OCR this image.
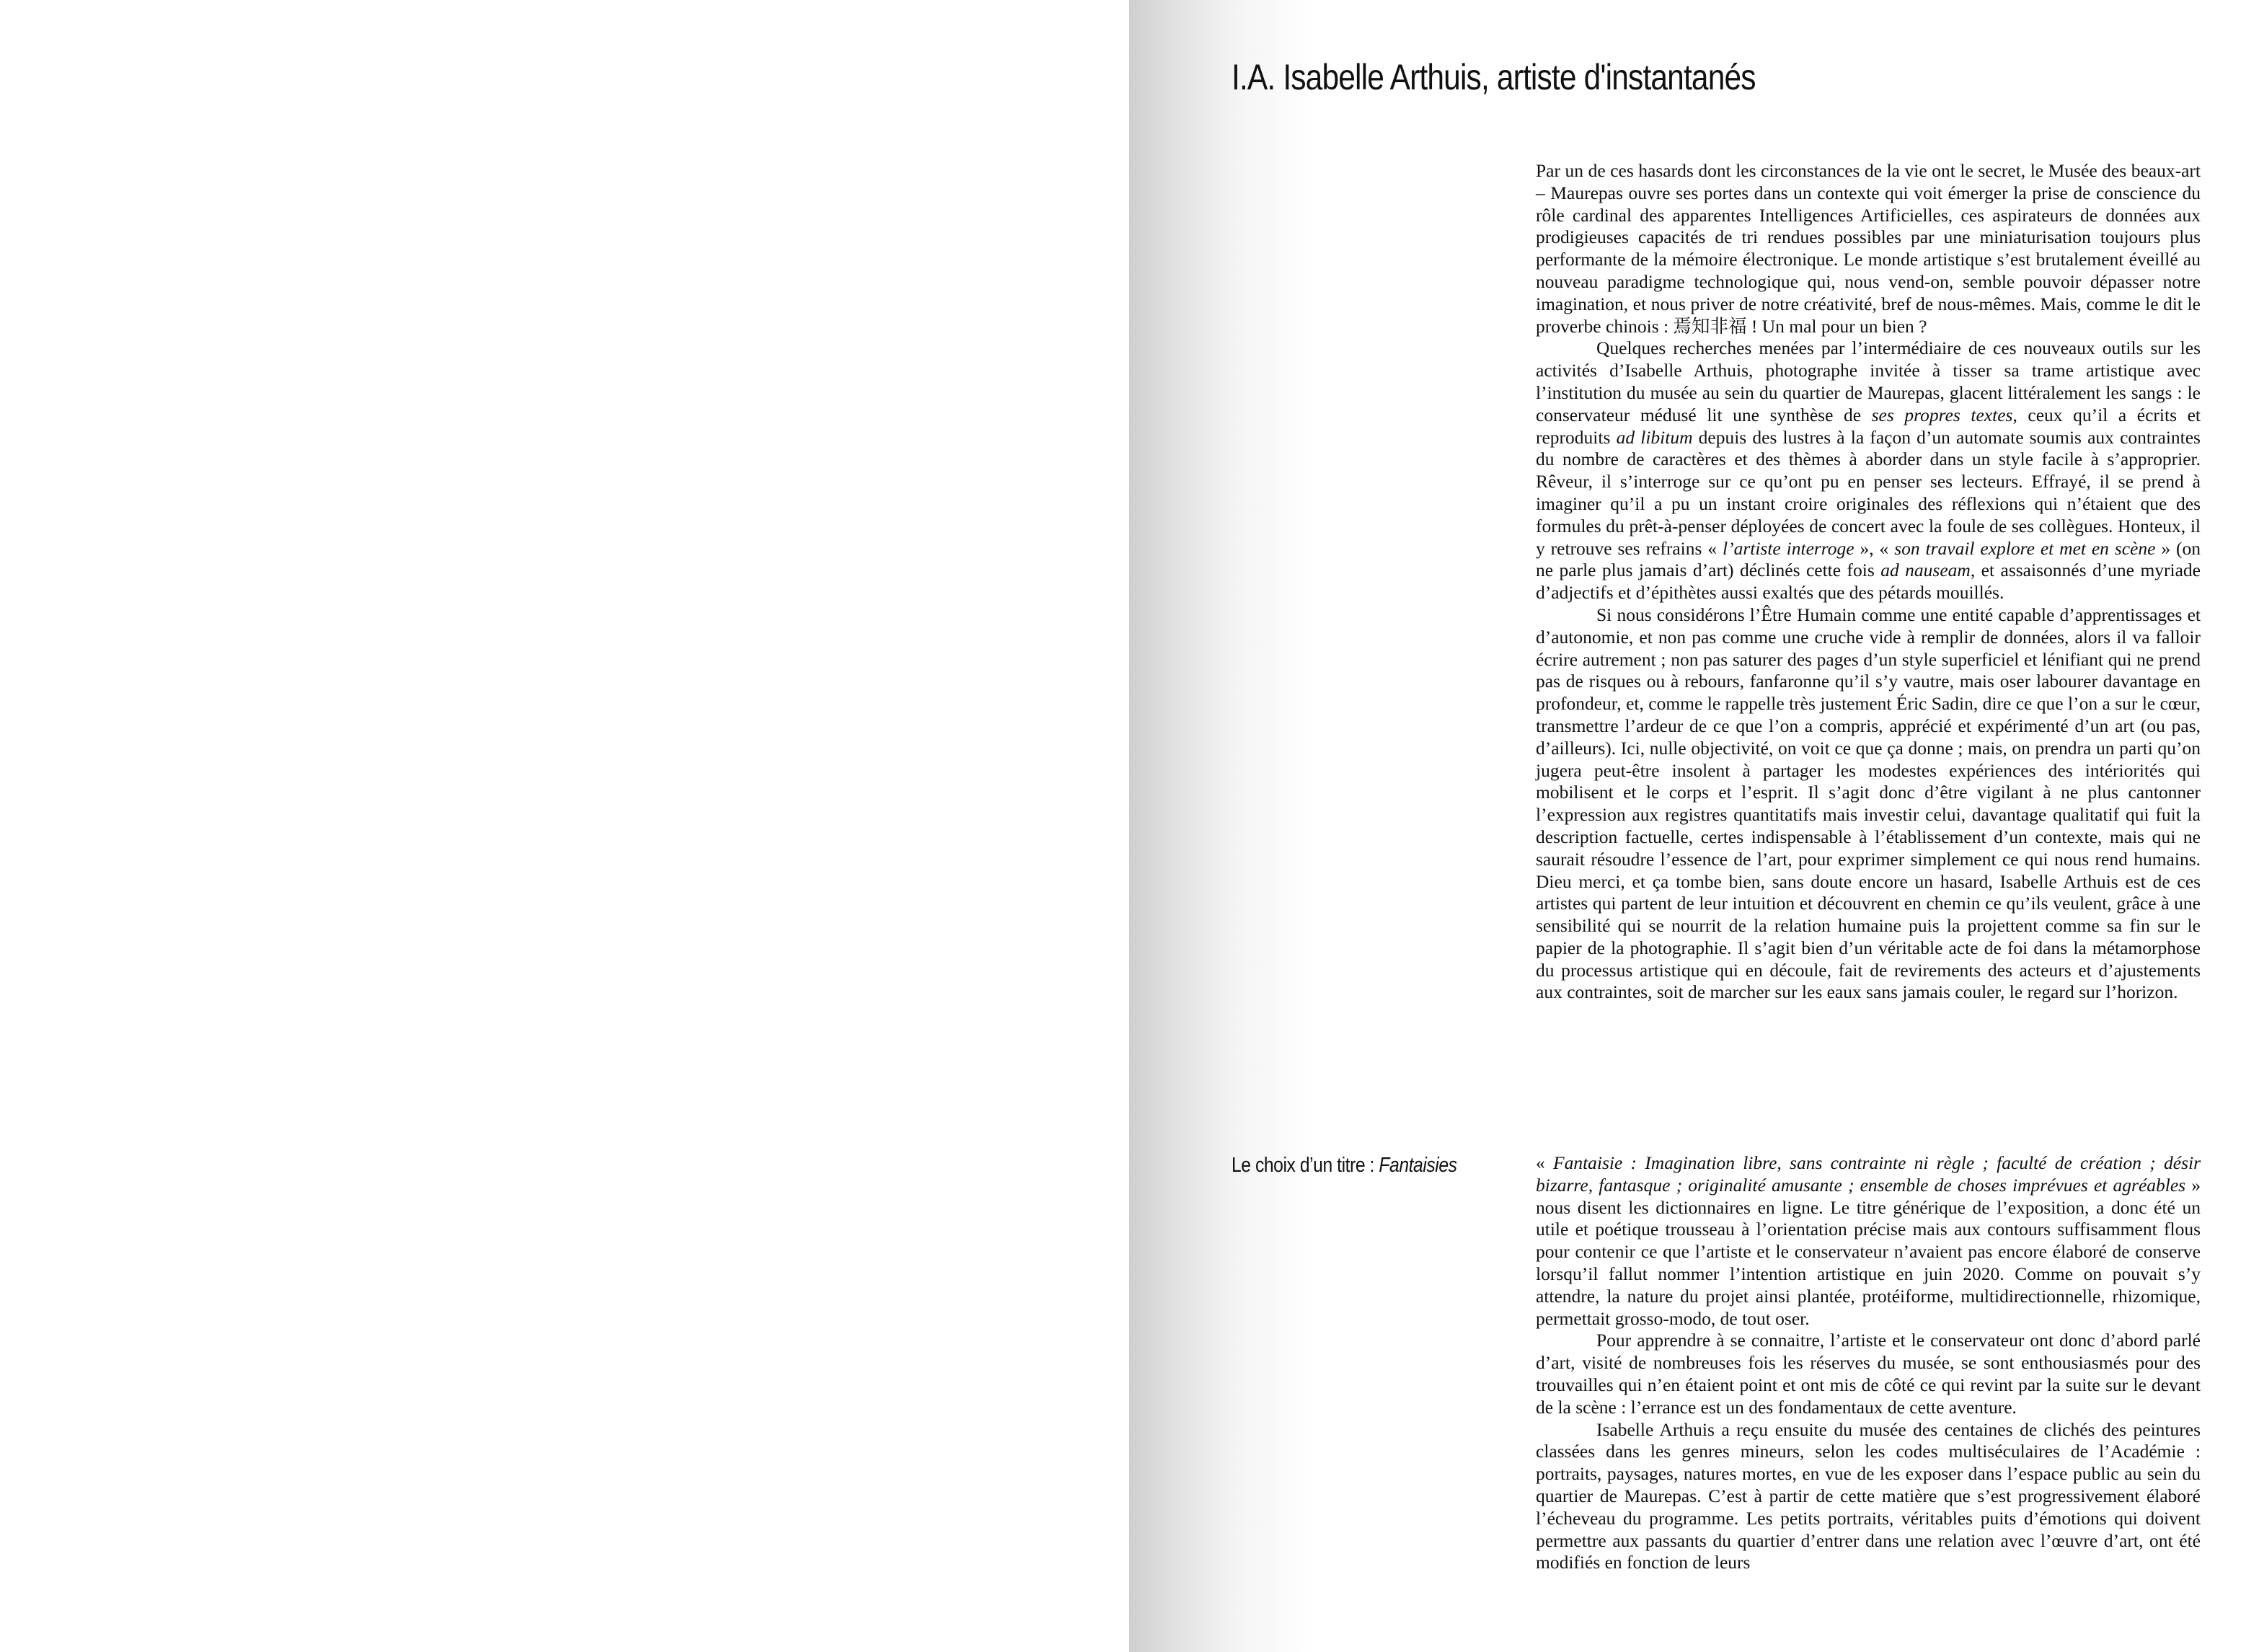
I.A. Isabelle Arthuis, artiste d'instantanés

Par un de ces hasards dont les circonstances de la vie ont le secret, le Musée des beaux-art – Maurepas ouvre ses portes dans un contexte qui voit émerger la prise de conscience du rôle cardinal des apparentes Intelligences Artificielles, ces aspirateurs de données aux prodigieuses capacités de tri rendues possibles par une miniaturisation toujours plus performante de la mémoire électronique. Le monde artistique s’est brutalement éveillé au nouveau paradigme technologique qui, nous vend-on, semble pouvoir dépasser notre imagination, et nous priver de notre créativité, bref de nous-mêmes. Mais, comme le dit le proverbe chinois : 焉知非福 ! Un mal pour un bien ?

Quelques recherches menées par l’intermédiaire de ces nouveaux outils sur les activités d’Isabelle Arthuis, photographe invitée à tisser sa trame artistique avec l’institution du musée au sein du quartier de Maurepas, glacent littéralement les sangs : le conservateur médusé lit une synthèse de ses propres textes, ceux qu’il a écrits et reproduits ad libitum depuis des lustres à la façon d’un automate soumis aux contraintes du nombre de caractères et des thèmes à aborder dans un style facile à s’approprier. Rêveur, il s’interroge sur ce qu’ont pu en penser ses lecteurs. Effrayé, il se prend à imaginer qu’il a pu un instant croire originales des réflexions qui n’étaient que des formules du prêt-à-penser déployées de concert avec la foule de ses collègues. Honteux, il y retrouve ses refrains « l’artiste interroge », « son travail explore et met en scène » (on ne parle plus jamais d’art) déclinés cette fois ad nauseam, et assaisonnés d’une myriade d’adjectifs et d’épithètes aussi exaltés que des pétards mouillés.

Si nous considérons l’Être Humain comme une entité capable d’apprentissages et d’autonomie, et non pas comme une cruche vide à remplir de données, alors il va falloir écrire autrement ; non pas saturer des pages d’un style superficiel et lénifiant qui ne prend pas de risques ou à rebours, fanfaronne qu’il s’y vautre, mais oser labourer davantage en profondeur, et, comme le rappelle très justement Éric Sadin, dire ce que l’on a sur le cœur, transmettre l’ardeur de ce que l’on a compris, apprécié et expérimenté d’un art (ou pas, d’ailleurs). Ici, nulle objectivité, on voit ce que ça donne ; mais, on prendra un parti qu’on jugera peut-être insolent à partager les modestes expériences des intériorités qui mobilisent et le corps et l’esprit. Il s’agit donc d’être vigilant à ne plus cantonner l’expression aux registres quantitatifs mais investir celui, davantage qualitatif qui fuit la description factuelle, certes indispensable à l’établissement d’un contexte, mais qui ne saurait résoudre l’essence de l’art, pour exprimer simplement ce qui nous rend humains. Dieu merci, et ça tombe bien, sans doute encore un hasard, Isabelle Arthuis est de ces artistes qui partent de leur intuition et découvrent en chemin ce qu’ils veulent, grâce à une sensibilité qui se nourrit de la relation humaine puis la projettent comme sa fin sur le papier de la photographie. Il s’agit bien d’un véritable acte de foi dans la métamorphose du processus artistique qui en découle, fait de revirements des acteurs et d’ajustements aux contraintes, soit de marcher sur les eaux sans jamais couler, le regard sur l’horizon.

Le choix d’un titre : Fantaisies	« Fantaisie : Imagination libre, sans contrainte ni règle ; faculté de création ; désir bizarre, fantasque ; originalité amusante ; ensemble de choses imprévues et agréables » nous disent les dictionnaires en ligne. Le titre générique de l’exposition, a donc été un utile et poétique trousseau à l’orientation précise mais aux contours suffisamment flous pour contenir ce que l’artiste et le conservateur n’avaient pas encore élaboré de conserve lorsqu’il fallut nommer l’intention artistique en juin 2020. Comme on pouvait s’y attendre, la nature du projet ainsi plantée, protéiforme, multidirectionnelle, rhizomique, permettait grosso-modo, de tout oser.

Pour apprendre à se connaitre, l’artiste et le conservateur ont donc d’abord parlé d’art, visité de nombreuses fois les réserves du musée, se sont enthousiasmés pour des trouvailles qui n’en étaient point et ont mis de côté ce qui revint par la suite sur le devant de la scène : l’errance est un des fondamentaux de cette aventure.

Isabelle Arthuis a reçu ensuite du musée des centaines de clichés des peintures classées dans les genres mineurs, selon les codes multiséculaires de l’Académie : portraits, paysages, natures mortes, en vue de les exposer dans l’espace public au sein du quartier de Maurepas. C’est à partir de cette matière que s’est progressivement élaboré l’écheveau du programme. Les petits portraits, véritables puits d’émotions qui doivent permettre aux passants du quartier d’entrer dans une relation avec l’œuvre d’art, ont été modifiés en fonction de leurs
